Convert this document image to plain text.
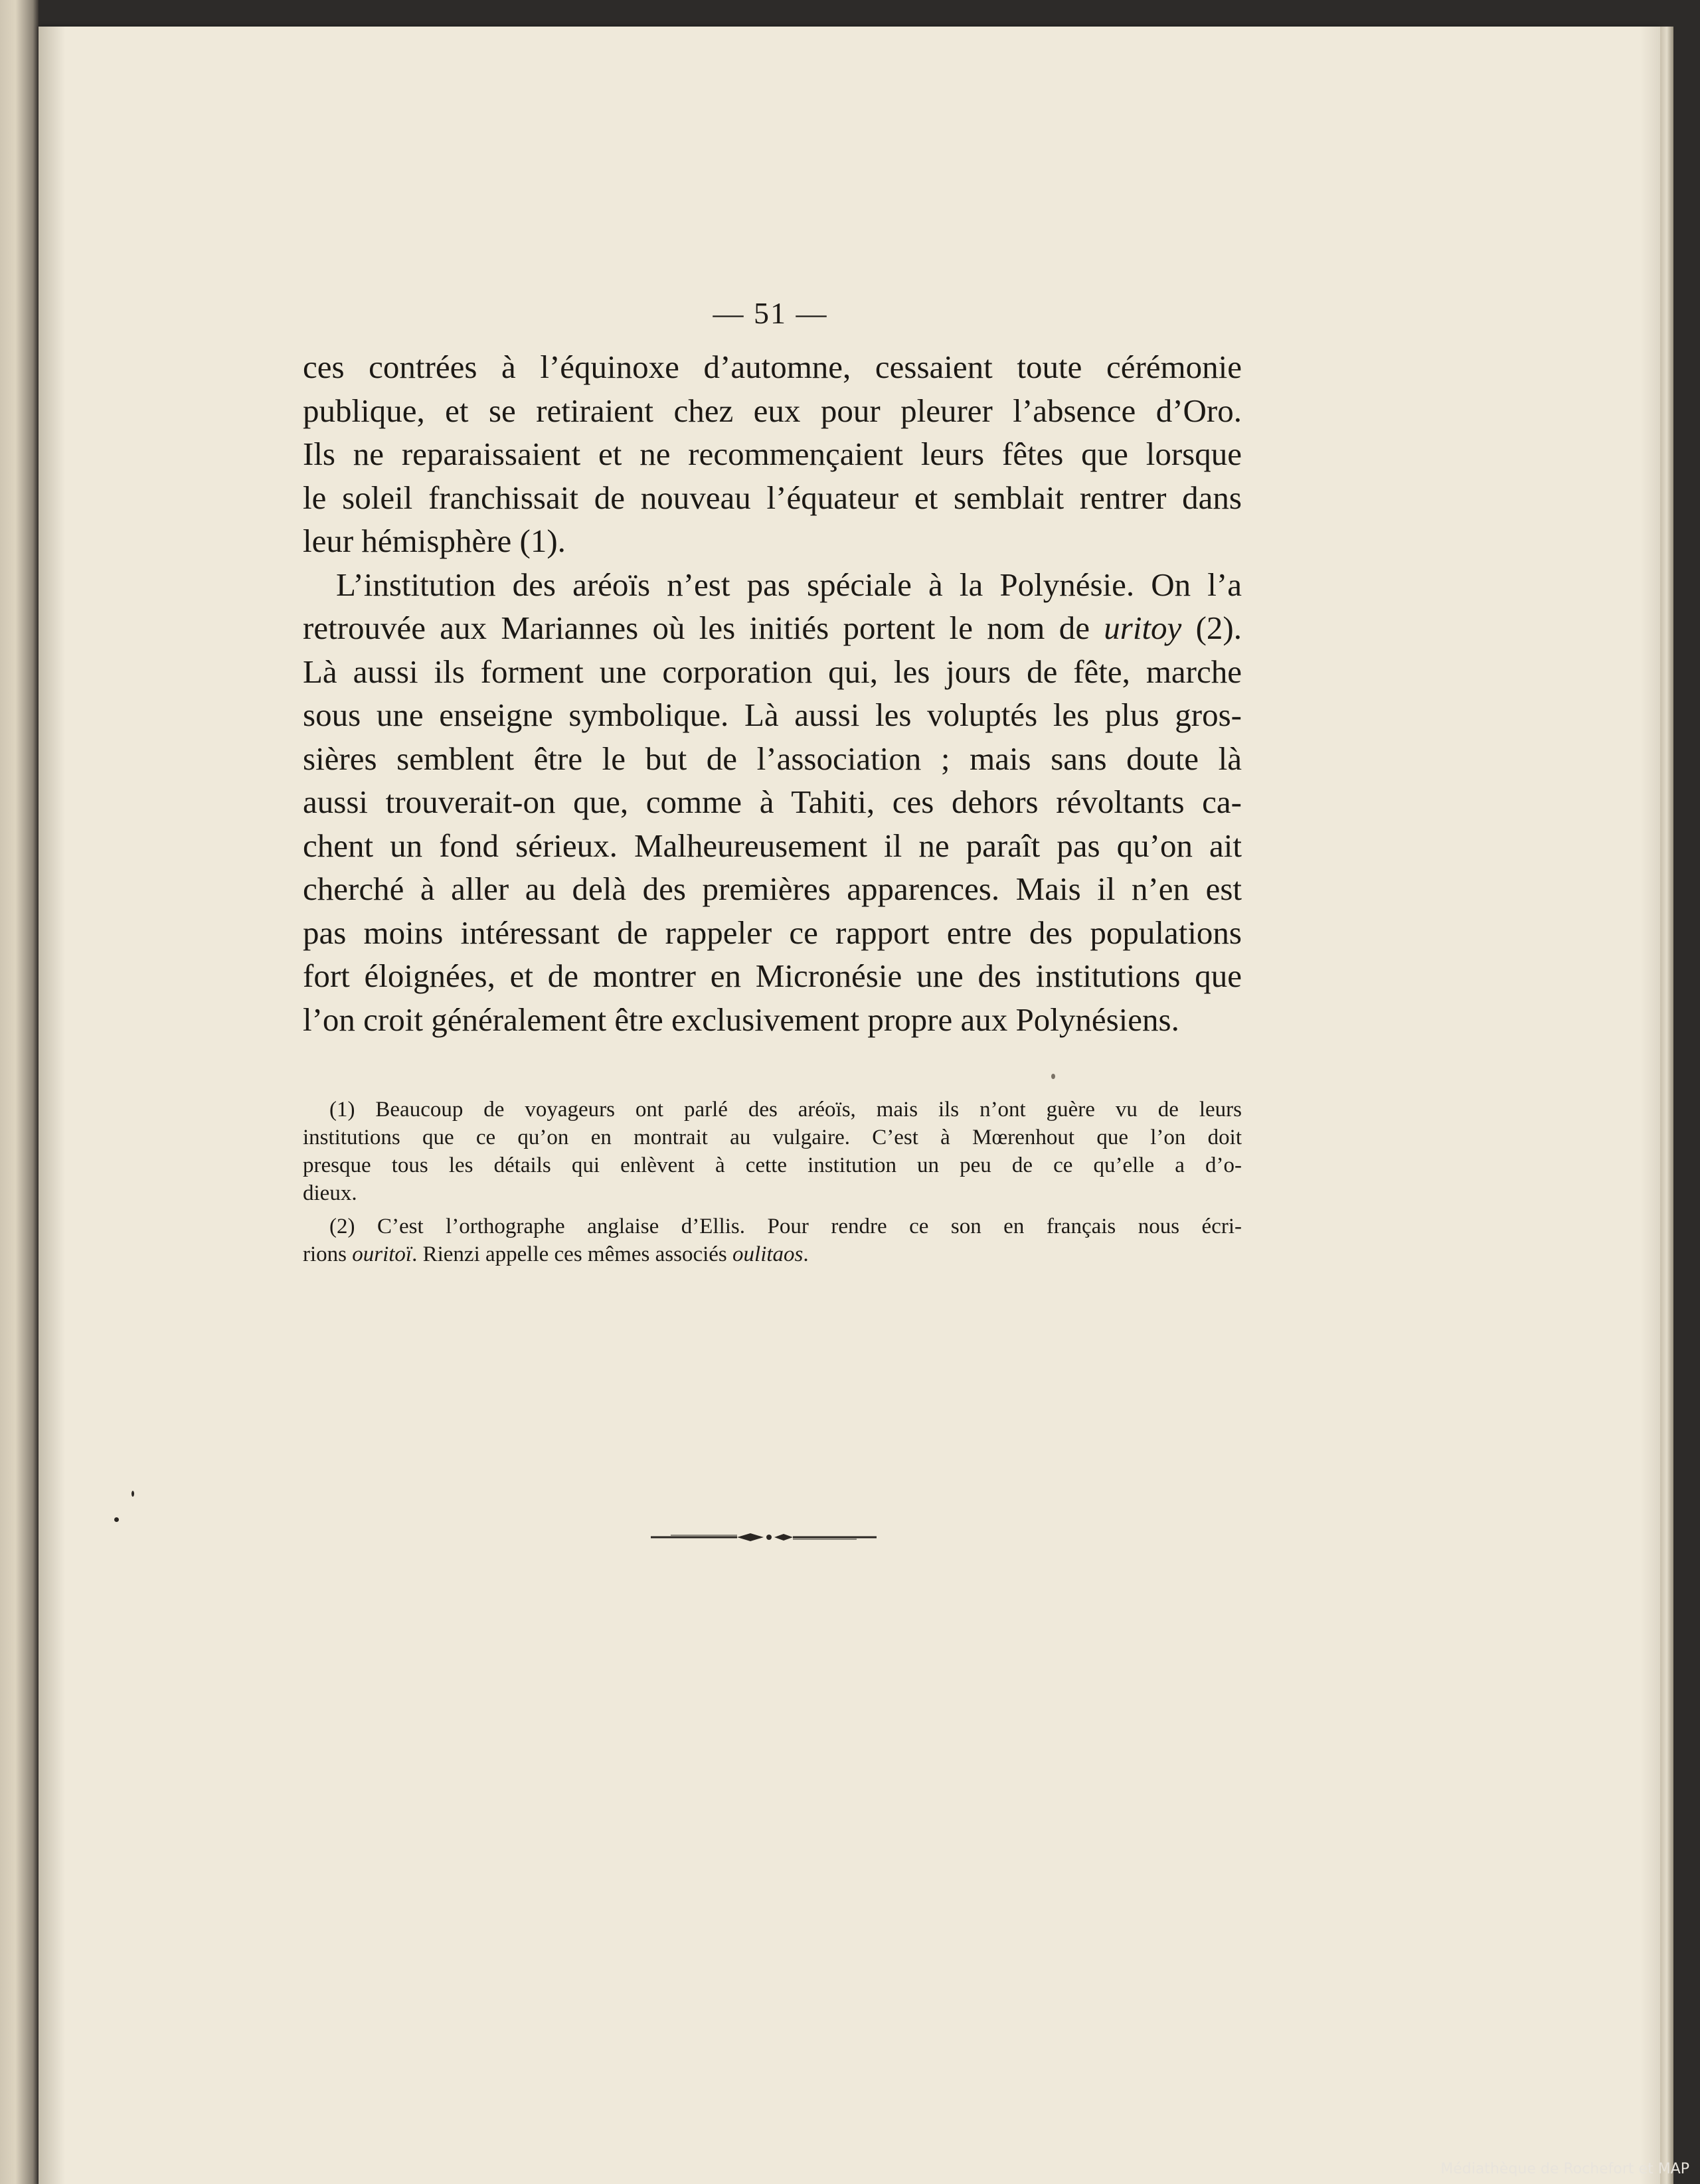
— 51 —
ces contrées à l’équinoxe d’automne, cessaient toute cérémonie
publique, et se retiraient chez eux pour pleurer l’absence d’Oro.
Ils ne reparaissaient et ne recommençaient leurs fêtes que lorsque
le soleil franchissait de nouveau l’équateur et semblait rentrer dans
leur hémisphère (1).
L’institution des aréoïs n’est pas spéciale à la Polynésie. On l’a
retrouvée aux Mariannes où les initiés portent le nom de uritoy (2).
Là aussi ils forment une corporation qui, les jours de fête, marche
sous une enseigne symbolique. Là aussi les voluptés les plus gros-
sières semblent être le but de l’association ; mais sans doute là
aussi trouverait-on que, comme à Tahiti, ces dehors révoltants ca-
chent un fond sérieux. Malheureusement il ne paraît pas qu’on ait
cherché à aller au delà des premières apparences. Mais il n’en est
pas moins intéressant de rappeler ce rapport entre des populations
fort éloignées, et de montrer en Micronésie une des institutions que
l’on croit généralement être exclusivement propre aux Polynésiens.
(1) Beaucoup de voyageurs ont parlé des aréoïs, mais ils n’ont guère vu de leurs
institutions que ce qu’on en montrait au vulgaire. C’est à Mœrenhout que l’on doit
presque tous les détails qui enlèvent à cette institution un peu de ce qu’elle a d’o-
dieux.
(2) C’est l’orthographe anglaise d’Ellis. Pour rendre ce son en français nous écri-
rions ouritoï. Rienzi appelle ces mêmes associés oulitaos.
Médiathèque de Rochefort et MAP
